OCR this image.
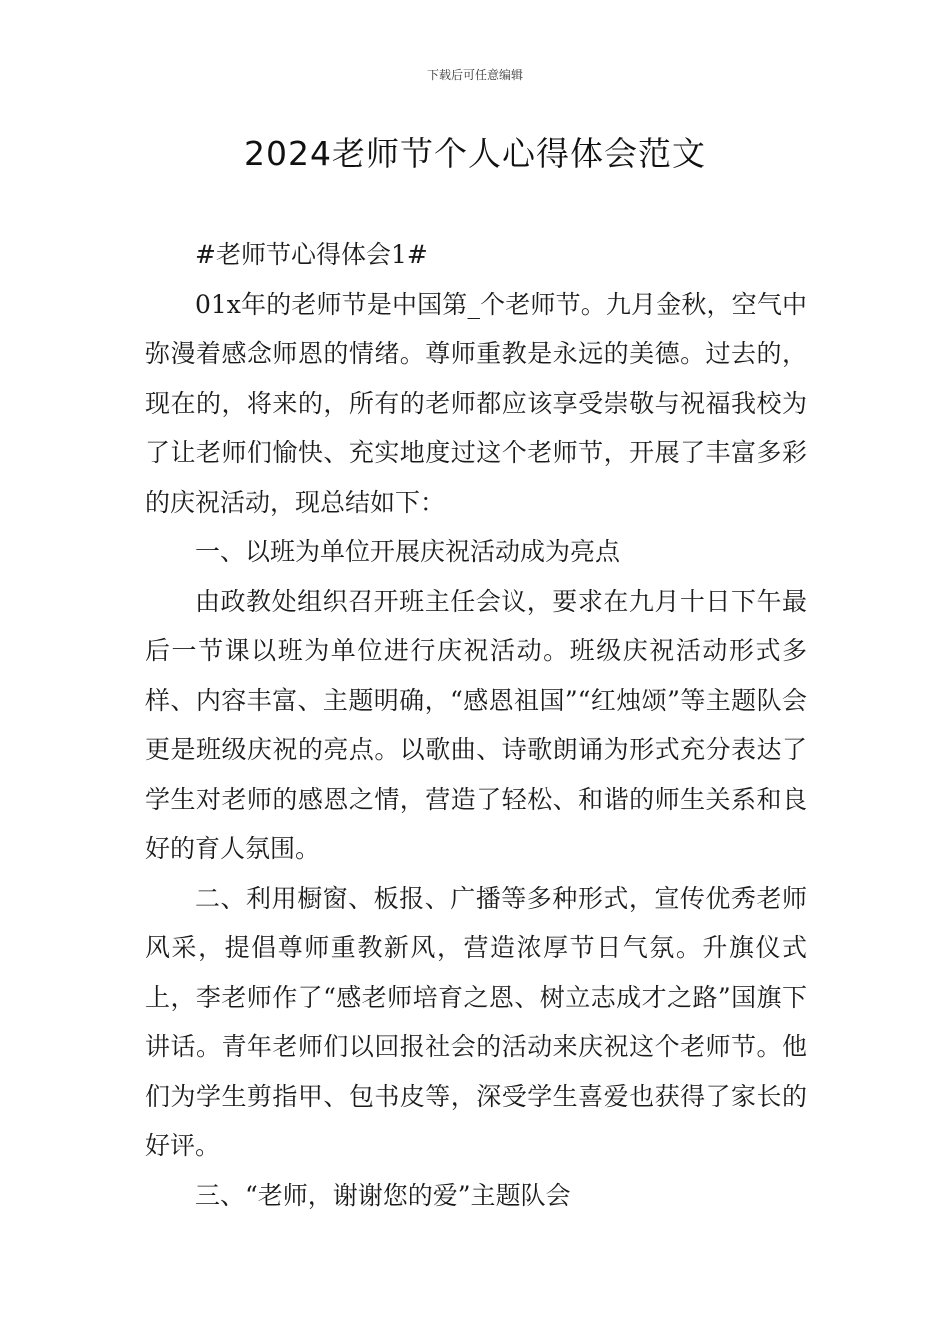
下载后可任意编辑
2024老师节个人心得体会范文

#老师节心得体会1#

01x年的老师节是中国第_个老师节。九月金秋，空气中弥漫着感念师恩的情绪。尊师重教是永远的美德。过去的，现在的，将来的，所有的老师都应该享受崇敬与祝福我校为了让老师们愉快、充实地度过这个老师节，开展了丰富多彩的庆祝活动，现总结如下：

一、以班为单位开展庆祝活动成为亮点

由政教处组织召开班主任会议，要求在九月十日下午最后一节课以班为单位进行庆祝活动。班级庆祝活动形式多样、内容丰富、主题明确，“感恩祖国”“红烛颂”等主题队会更是班级庆祝的亮点。以歌曲、诗歌朗诵为形式充分表达了学生对老师的感恩之情，营造了轻松、和谐的师生关系和良好的育人氛围。

二、利用橱窗、板报、广播等多种形式，宣传优秀老师风采，提倡尊师重教新风，营造浓厚节日气氛。升旗仪式上，李老师作了“感老师培育之恩、树立志成才之路”国旗下讲话。青年老师们以回报社会的活动来庆祝这个老师节。他们为学生剪指甲、包书皮等，深受学生喜爱也获得了家长的好评。

三、“老师，谢谢您的爱”主题队会
